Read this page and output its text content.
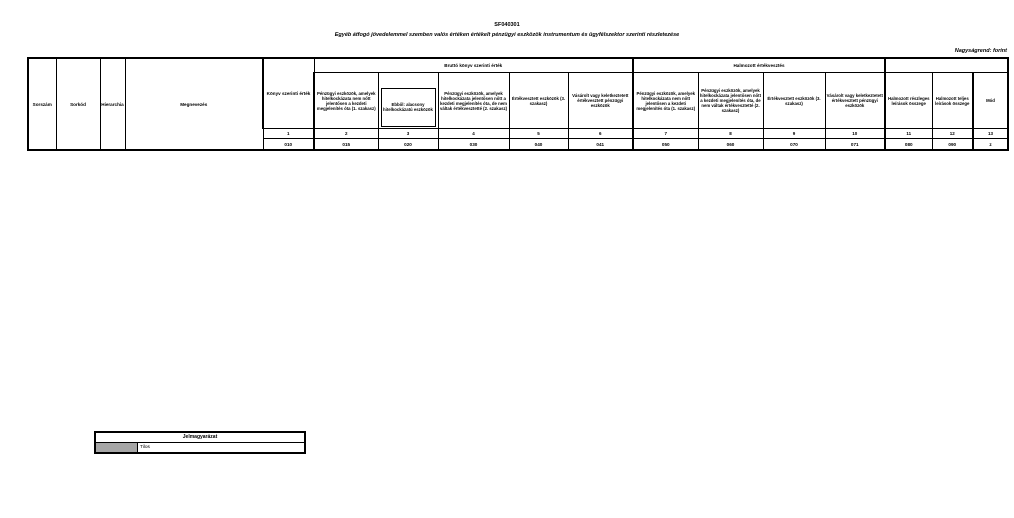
SF040301
Egyéb átfogó jövedelemmel szemben valós értéken értékelt pénzügyi eszközök instrumentum és ügyfélszektor szerinti részletezése
Nagyságrend: forint
Sorszám	Sorkód	Hierarchia	Megnevezés	Könyv szerinti érték	Bruttó könyv szerinti érték					Halmozott értékvesztés						
					Pénzügyi eszközök, amelyek hitelkockázata nem nőtt jelentősen a kezdeti megjelenítés óta (1. szakasz)	Ebből: alacsony hitelkockázatú eszközök	Pénzügyi eszközök, amelyek hitelkockázata jelentősen nőtt a kezdeti megjelenítés óta, de nem váltak értékvesztetté (2. szakasz)	Értékvesztett eszközök (3. szakasz)	Vásárolt vagy keletkeztetett értékvesztett pénzügyi eszközök	Pénzügyi eszközök, amelyek hitelkockázata nem nőtt jelentősen a kezdeti megjelenítés óta (1. szakasz)	Pénzügyi eszközök, amelyek hitelkockázata jelentősen nőtt a kezdeti megjelenítés óta, de nem váltak értékvesztetté (2. szakasz)	Értékvesztett eszközök (3. szakasz)	Vásárolt vagy keletkeztetett értékvesztett pénzügyi eszközök	Halmozott részleges leírások összege	Halmozott teljes leírások összege	Mód
				1	2	3	4	5	6	7	8	9	10	11	12	13
				010	015	020	030	040	041	050	060	070	071	080	090	z
Jelmagyarázat
Tilos
